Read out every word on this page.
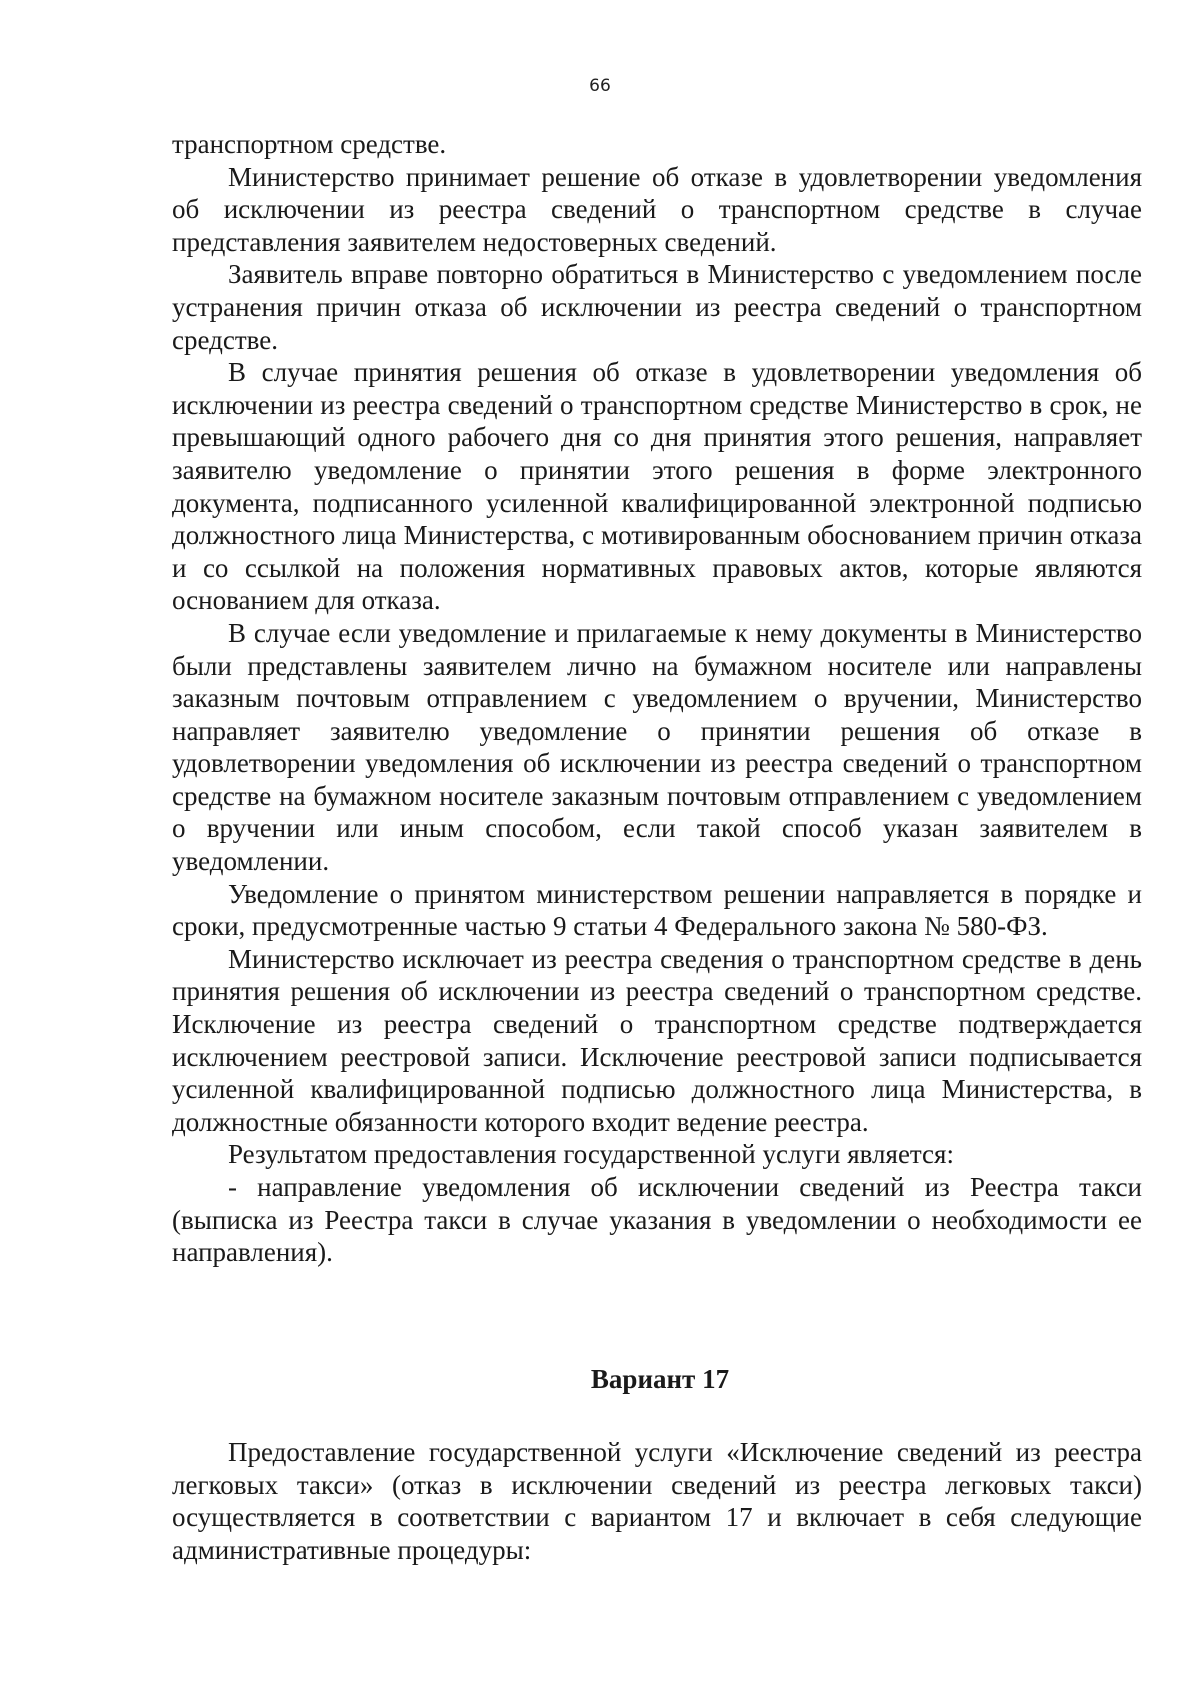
66

транспортном средстве.

Министерство принимает решение об отказе в удовлетворении уведомления об исключении из реестра сведений о транспортном средстве в случае представления заявителем недостоверных сведений.

Заявитель вправе повторно обратиться в Министерство с уведомлением после устранения причин отказа об исключении из реестра сведений о транспортном средстве.

В случае принятия решения об отказе в удовлетворении уведомления об исключении из реестра сведений о транспортном средстве Министерство в срок, не превышающий одного рабочего дня со дня принятия этого решения, направляет заявителю уведомление о принятии этого решения в форме электронного документа, подписанного усиленной квалифицированной электронной подписью должностного лица Министерства, с мотивированным обоснованием причин отказа и со ссылкой на положения нормативных правовых актов, которые являются основанием для отказа.

В случае если уведомление и прилагаемые к нему документы в Министерство были представлены заявителем лично на бумажном носителе или направлены заказным почтовым отправлением с уведомлением о вручении, Министерство направляет заявителю уведомление о принятии решения об отказе в удовлетворении уведомления об исключении из реестра сведений о транспортном средстве на бумажном носителе заказным почтовым отправлением с уведомлением о вручении или иным способом, если такой способ указан заявителем в уведомлении.

Уведомление о принятом министерством решении направляется в порядке и сроки, предусмотренные частью 9 статьи 4 Федерального закона № 580-ФЗ.

Министерство исключает из реестра сведения о транспортном средстве в день принятия решения об исключении из реестра сведений о транспортном средстве. Исключение из реестра сведений о транспортном средстве подтверждается исключением реестровой записи. Исключение реестровой записи подписывается усиленной квалифицированной подписью должностного лица Министерства, в должностные обязанности которого входит ведение реестра.

Результатом предоставления государственной услуги является:

- направление уведомления об исключении сведений из Реестра такси (выписка из Реестра такси в случае указания в уведомлении о необходимости ее направления).

Вариант 17

Предоставление государственной услуги «Исключение сведений из реестра легковых такси» (отказ в исключении сведений из реестра легковых такси) осуществляется в соответствии с вариантом 17 и включает в себя следующие административные процедуры:
